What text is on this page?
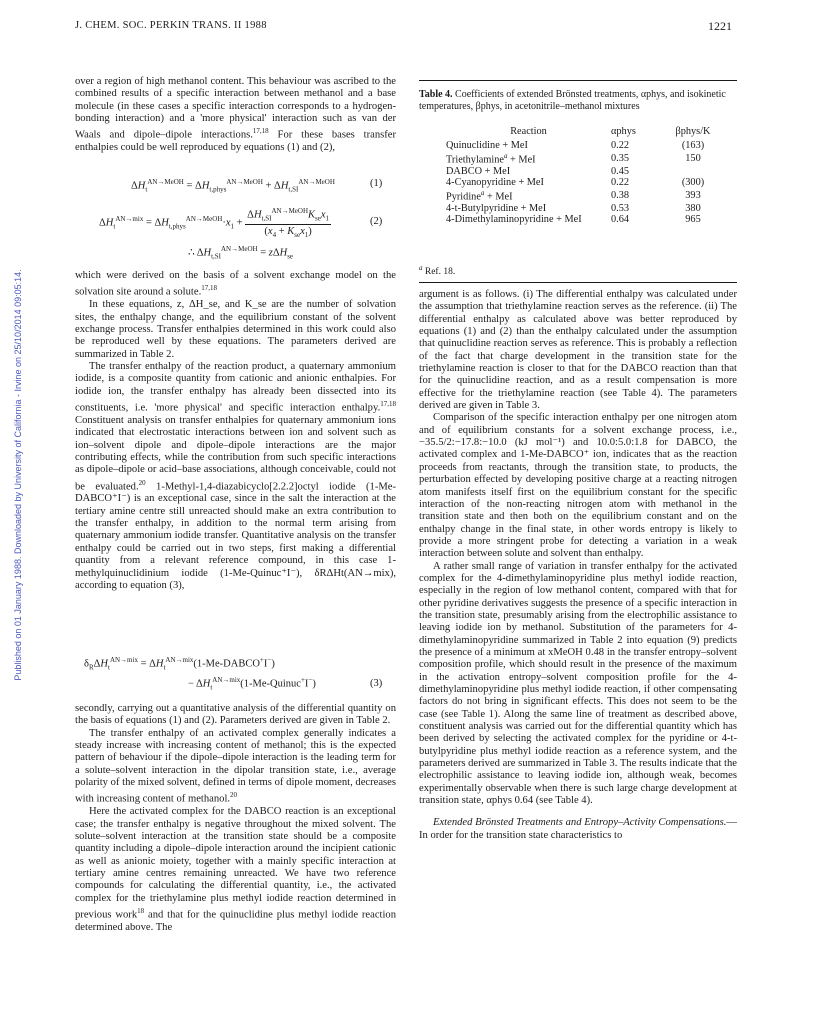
J. CHEM. SOC. PERKIN TRANS. II 1988	1221
Published on 01 January 1988. Downloaded by University of California - Irvine on 25/10/2014 09:05:14.

over a region of high methanol content. This behaviour was ascribed to the combined results of a specific interaction between methanol and a base molecule (in these cases a specific interaction corresponds to a hydrogen-bonding interaction) and a 'more physical' interaction such as van der Waals and dipole–dipole interactions.$^{17,18}$ For these bases transfer enthalpies could be well reproduced by equations (1) and (2),

$\Delta H_t^{AN\to MeOH} = \Delta H_{t,phys}^{AN\to MeOH} + \Delta H_{t,SI}^{AN\to MeOH}$	(1)
$\Delta H_t^{AN\to mix} = \Delta H_{t,phys}^{AN\to MeOH}\cdot x_1 + \frac{\Delta H_{t,SI}^{AN\to MeOH}K_{se}x_1}{(x_4 + K_{se}x_1)}$	(2)
∴ $\Delta H_{t,SI}^{AN\to MeOH} = z\Delta H_{se}$

which were derived on the basis of a solvent exchange model on the solvation site around a solute.$^{17,18}$

In these equations, z, ΔH_se, and K_se are the number of solvation sites, the enthalpy change, and the equilibrium constant of the solvent exchange process. Transfer enthalpies determined in this work could also be reproduced well by these equations. The parameters derived are summarized in Table 2.

The transfer enthalpy of the reaction product, a quaternary ammonium iodide, is a composite quantity from cationic and anionic enthalpies. For iodide ion, the transfer enthalpy has already been dissected into its constituents, i.e. 'more physical' and specific interaction enthalpy.$^{17,18}$ Constituent analysis on transfer enthalpies for quaternary ammonium ions indicated that electrostatic interactions between ion and solvent such as ion–solvent dipole and dipole–dipole interactions are the major contributing effects, while the contribution from such specific interactions as dipole–dipole or acid–base associations, although conceivable, could not be evaluated.$^{20}$ 1-Methyl-1,4-diazabicyclo[2.2.2]octyl iodide (1-Me-DABCO⁺I⁻) is an exceptional case, since in the salt the interaction at the tertiary amine centre still unreacted should make an extra contribution to the transfer enthalpy, in addition to the normal term arising from quaternary ammonium iodide transfer. Quantitative analysis on the transfer enthalpy could be carried out in two steps, first making a differential quantity from a relevant reference compound, in this case 1-methylquinuclidinium iodide (1-Me-Quinuc⁺I⁻), δRΔHt(AN→mix), according to equation (3),

$\delta_R\Delta H_t^{AN\to mix}$ = $\Delta H_t^{AN\to mix}(1-Me-DABCO^+I^-)$
− $\Delta H_t^{AN\to mix}(1-Me-Quinuc^+I^-)$	(3)

secondly, carrying out a quantitative analysis of the differential quantity on the basis of equations (1) and (2). Parameters derived are given in Table 2.

The transfer enthalpy of an activated complex generally indicates a steady increase with increasing content of methanol; this is the expected pattern of behaviour if the dipole–dipole interaction is the leading term for a solute–solvent interaction in the dipolar transition state, i.e., average polarity of the mixed solvent, defined in terms of dipole moment, decreases with increasing content of methanol.$^{20}$

Here the activated complex for the DABCO reaction is an exceptional case; the transfer enthalpy is negative throughout the mixed solvent. The solute–solvent interaction at the transition state should be a composite quantity including a dipole–dipole interaction around the incipient cationic as well as anionic moiety, together with a mainly specific interaction at tertiary amine centres remaining unreacted. We have two reference compounds for calculating the differential quantity, i.e., the activated complex for the triethylamine plus methyl iodide reaction determined in previous work$^{18}$ and that for the quinuclidine plus methyl iodide reaction determined above. The

Table 4. Coefficients of extended Brönsted treatments, αphys, and isokinetic temperatures, βphys, in acetonitrile–methanol mixtures
Reaction	αphys	βphys/K

Quinuclidine + MeI	0.22	(163)
Triethylamine$^a$ + MeI	0.35	150
DABCO + MeI	0.45	
4-Cyanopyridine + MeI	0.22	(300)
Pyridine$^a$ + MeI	0.38	393
4-t-Butylpyridine + MeI	0.53	380
4-Dimethylaminopyridine + MeI	0.64	965
$^a$ Ref. 18.

argument is as follows. (i) The differential enthalpy was calculated under the assumption that triethylamine reaction serves as the reference. (ii) The differential enthalpy as calculated above was better reproduced by equations (1) and (2) than the enthalpy calculated under the assumption that quinuclidine reaction serves as reference. This is probably a reflection of the fact that charge development in the transition state for the triethylamine reaction is closer to that for the DABCO reaction than that for the quinuclidine reaction, and as a result compensation is more effective for the triethylamine reaction (see Table 4). The parameters derived are given in Table 3.

Comparison of the specific interaction enthalpy per one nitrogen atom and of equilibrium constants for a solvent exchange process, i.e., −35.5/2:−17.8:−10.0 (kJ mol⁻¹) and 10.0:5.0:1.8 for DABCO, the activated complex and 1-Me-DABCO⁺ ion, indicates that as the reaction proceeds from reactants, through the transition state, to products, the perturbation effected by developing positive charge at a reacting nitrogen atom manifests itself first on the equilibrium constant for the specific interaction of the non-reacting nitrogen atom with methanol in the transition state and then both on the equilibrium constant and on the enthalpy change in the final state, in other words entropy is likely to provide a more stringent probe for detecting a variation in a weak interaction between solute and solvent than enthalpy.

A rather small range of variation in transfer enthalpy for the activated complex for the 4-dimethylaminopyridine plus methyl iodide reaction, especially in the region of low methanol content, compared with that for other pyridine derivatives suggests the presence of a specific interaction in the transition state, presumably arising from the electrophilic assistance to leaving iodide ion by methanol. Substitution of the parameters for 4-dimethylaminopyridine summarized in Table 2 into equation (9) predicts the presence of a minimum at xMeOH 0.48 in the transfer entropy–solvent composition profile, which should result in the presence of the maximum in the activation entropy–solvent composition profile for the 4-dimethylaminopyridine plus methyl iodide reaction, if other compensating factors do not bring in significant effects. This does not seem to be the case (see Table 1). Along the same line of treatment as described above, constituent analysis was carried out for the differential quantity which has been derived by selecting the activated complex for the pyridine or 4-t-butylpyridine plus methyl iodide reaction as a reference system, and the parameters derived are summarized in Table 3. The results indicate that the electrophilic assistance to leaving iodide ion, although weak, becomes experimentally observable when there is such large charge development at transition state, αphys 0.64 (see Table 4).

Extended Brönsted Treatments and Entropy–Activity Compensations.—In order for the transition state characteristics to
